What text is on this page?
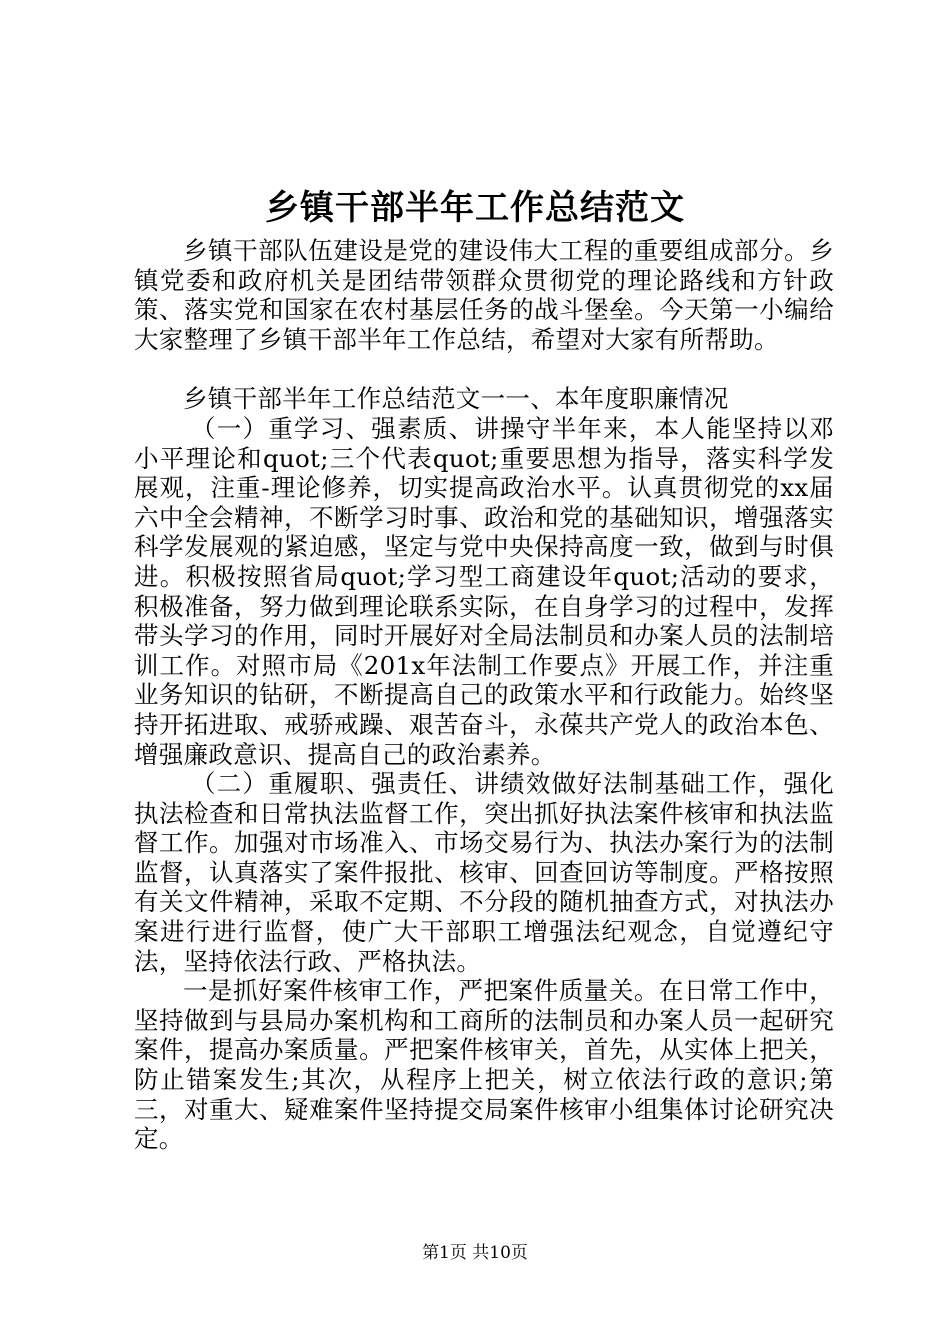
乡镇干部半年工作总结范文

乡镇干部队伍建设是党的建设伟大工程的重要组成部分。乡镇党委和政府机关是团结带领群众贯彻党的理论路线和方针政策、落实党和国家在农村基层任务的战斗堡垒。今天第一小编给大家整理了乡镇干部半年工作总结，希望对大家有所帮助。

乡镇干部半年工作总结范文一一、本年度职廉情况

（一）重学习、强素质、讲操守半年来，本人能坚持以邓小平理论和quot;三个代表quot;重要思想为指导，落实科学发展观，注重-理论修养，切实提高政治水平。认真贯彻党的xx届六中全会精神，不断学习时事、政治和党的基础知识，增强落实科学发展观的紧迫感，坚定与党中央保持高度一致，做到与时俱进。积极按照省局quot;学习型工商建设年quot;活动的要求，积极准备，努力做到理论联系实际，在自身学习的过程中，发挥带头学习的作用，同时开展好对全局法制员和办案人员的法制培训工作。对照市局《201x年法制工作要点》开展工作，并注重业务知识的钻研，不断提高自己的政策水平和行政能力。始终坚持开拓进取、戒骄戒躁、艰苦奋斗，永葆共产党人的政治本色、增强廉政意识、提高自己的政治素养。

（二）重履职、强责任、讲绩效做好法制基础工作，强化执法检查和日常执法监督工作，突出抓好执法案件核审和执法监督工作。加强对市场准入、市场交易行为、执法办案行为的法制监督，认真落实了案件报批、核审、回查回访等制度。严格按照有关文件精神，采取不定期、不分段的随机抽查方式，对执法办案进行进行监督，使广大干部职工增强法纪观念，自觉遵纪守法，坚持依法行政、严格执法。

一是抓好案件核审工作，严把案件质量关。在日常工作中，坚持做到与县局办案机构和工商所的法制员和办案人员一起研究案件，提高办案质量。严把案件核审关，首先，从实体上把关，防止错案发生;其次，从程序上把关，树立依法行政的意识;第三，对重大、疑难案件坚持提交局案件核审小组集体讨论研究决定。

第1页 共10页
